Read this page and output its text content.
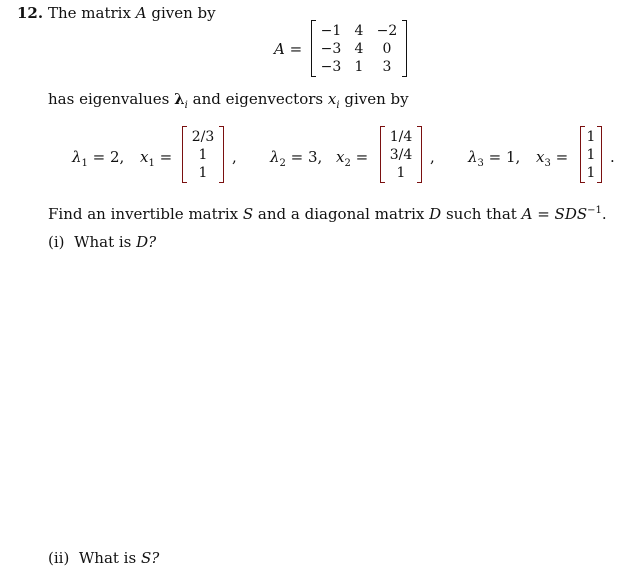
12. The matrix A given by
A =
−1 4 −2
−3 4	0
−3 1	3
has eigenvalues $\lambda_i$ and eigenvectors $x_i$ given by
$\lambda_1 = 2$, $x_1$ =
2/3
1
1
, $\lambda_2 = 3$, $x_2$ =
1/4
3/4
1
, $\lambda_3 = 1$, $x_3$ =
1
1
1
.
Find an invertible matrix S and a diagonal matrix D such that $A = SDS^{-1}$.
(i) What is D?
(ii) What is S?
